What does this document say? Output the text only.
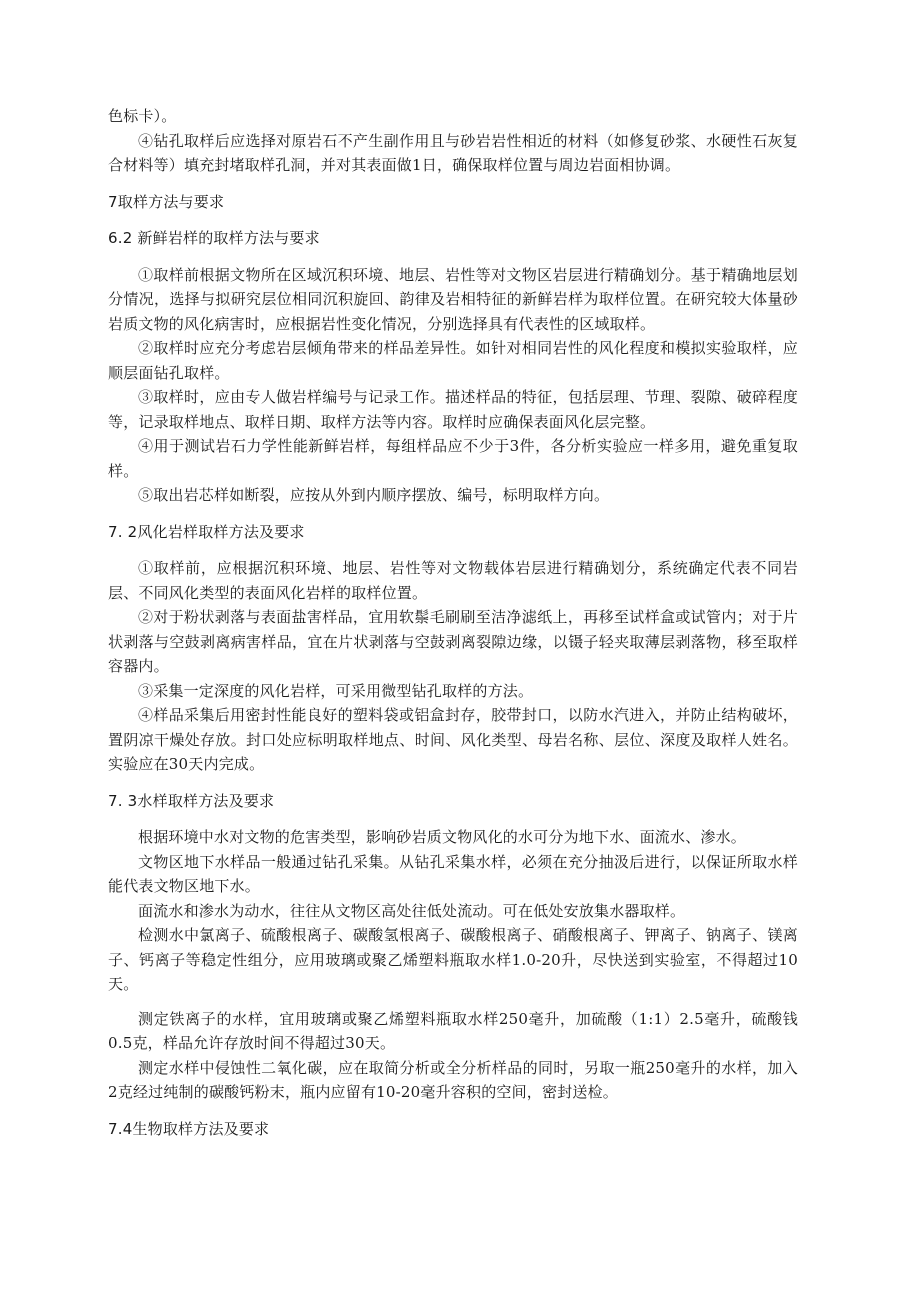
色标卡）。

④钻孔取样后应选择对原岩石不产生副作用且与砂岩岩性相近的材料（如修复砂浆、水硬性石灰复合材料等）填充封堵取样孔洞，并对其表面做1日，确保取样位置与周边岩面相协调。

7取样方法与要求

6.2 新鲜岩样的取样方法与要求

①取样前根据文物所在区域沉积环境、地层、岩性等对文物区岩层进行精确划分。基于精确地层划分情况，选择与拟研究层位相同沉积旋回、韵律及岩相特征的新鲜岩样为取样位置。在研究较大体量砂岩质文物的风化病害时，应根据岩性变化情况，分别选择具有代表性的区域取样。

②取样时应充分考虑岩层倾角带来的样品差异性。如针对相同岩性的风化程度和模拟实验取样，应顺层面钻孔取样。

③取样时，应由专人做岩样编号与记录工作。描述样品的特征，包括层理、节理、裂隙、破碎程度等，记录取样地点、取样日期、取样方法等内容。取样时应确保表面风化层完整。

④用于测试岩石力学性能新鲜岩样，每组样品应不少于3件，各分析实验应一样多用，避免重复取样。

⑤取出岩芯样如断裂，应按从外到内顺序摆放、编号，标明取样方向。

7. 2风化岩样取样方法及要求

①取样前，应根据沉积环境、地层、岩性等对文物载体岩层进行精确划分，系统确定代表不同岩层、不同风化类型的表面风化岩样的取样位置。

②对于粉状剥落与表面盐害样品，宜用软鬃毛刷刷至洁净滤纸上，再移至试样盒或试管内；对于片状剥落与空鼓剥离病害样品，宜在片状剥落与空鼓剥离裂隙边缘，以镊子轻夹取薄层剥落物，移至取样容器内。

③采集一定深度的风化岩样，可采用微型钻孔取样的方法。

④样品采集后用密封性能良好的塑料袋或铝盒封存，胶带封口，以防水汽进入，并防止结构破坏，置阴凉干燥处存放。封口处应标明取样地点、时间、风化类型、母岩名称、层位、深度及取样人姓名。实验应在30天内完成。

7. 3水样取样方法及要求

根据环境中水对文物的危害类型，影响砂岩质文物风化的水可分为地下水、面流水、渗水。

文物区地下水样品一般通过钻孔采集。从钻孔采集水样，必须在充分抽汲后进行，以保证所取水样能代表文物区地下水。

面流水和渗水为动水，往往从文物区高处往低处流动。可在低处安放集水器取样。

检测水中氯离子、硫酸根离子、碳酸氢根离子、碳酸根离子、硝酸根离子、钾离子、钠离子、镁离子、钙离子等稳定性组分，应用玻璃或聚乙烯塑料瓶取水样1.0-20升，尽快送到实验室，不得超过10天。

测定铁离子的水样，宜用玻璃或聚乙烯塑料瓶取水样250毫升，加硫酸（1:1）2.5毫升，硫酸钱0.5克，样品允许存放时间不得超过30天。

测定水样中侵蚀性二氧化碳，应在取简分析或全分析样品的同时，另取一瓶250毫升的水样，加入2克经过纯制的碳酸钙粉末，瓶内应留有10-20毫升容积的空间，密封送检。

7.4生物取样方法及要求
